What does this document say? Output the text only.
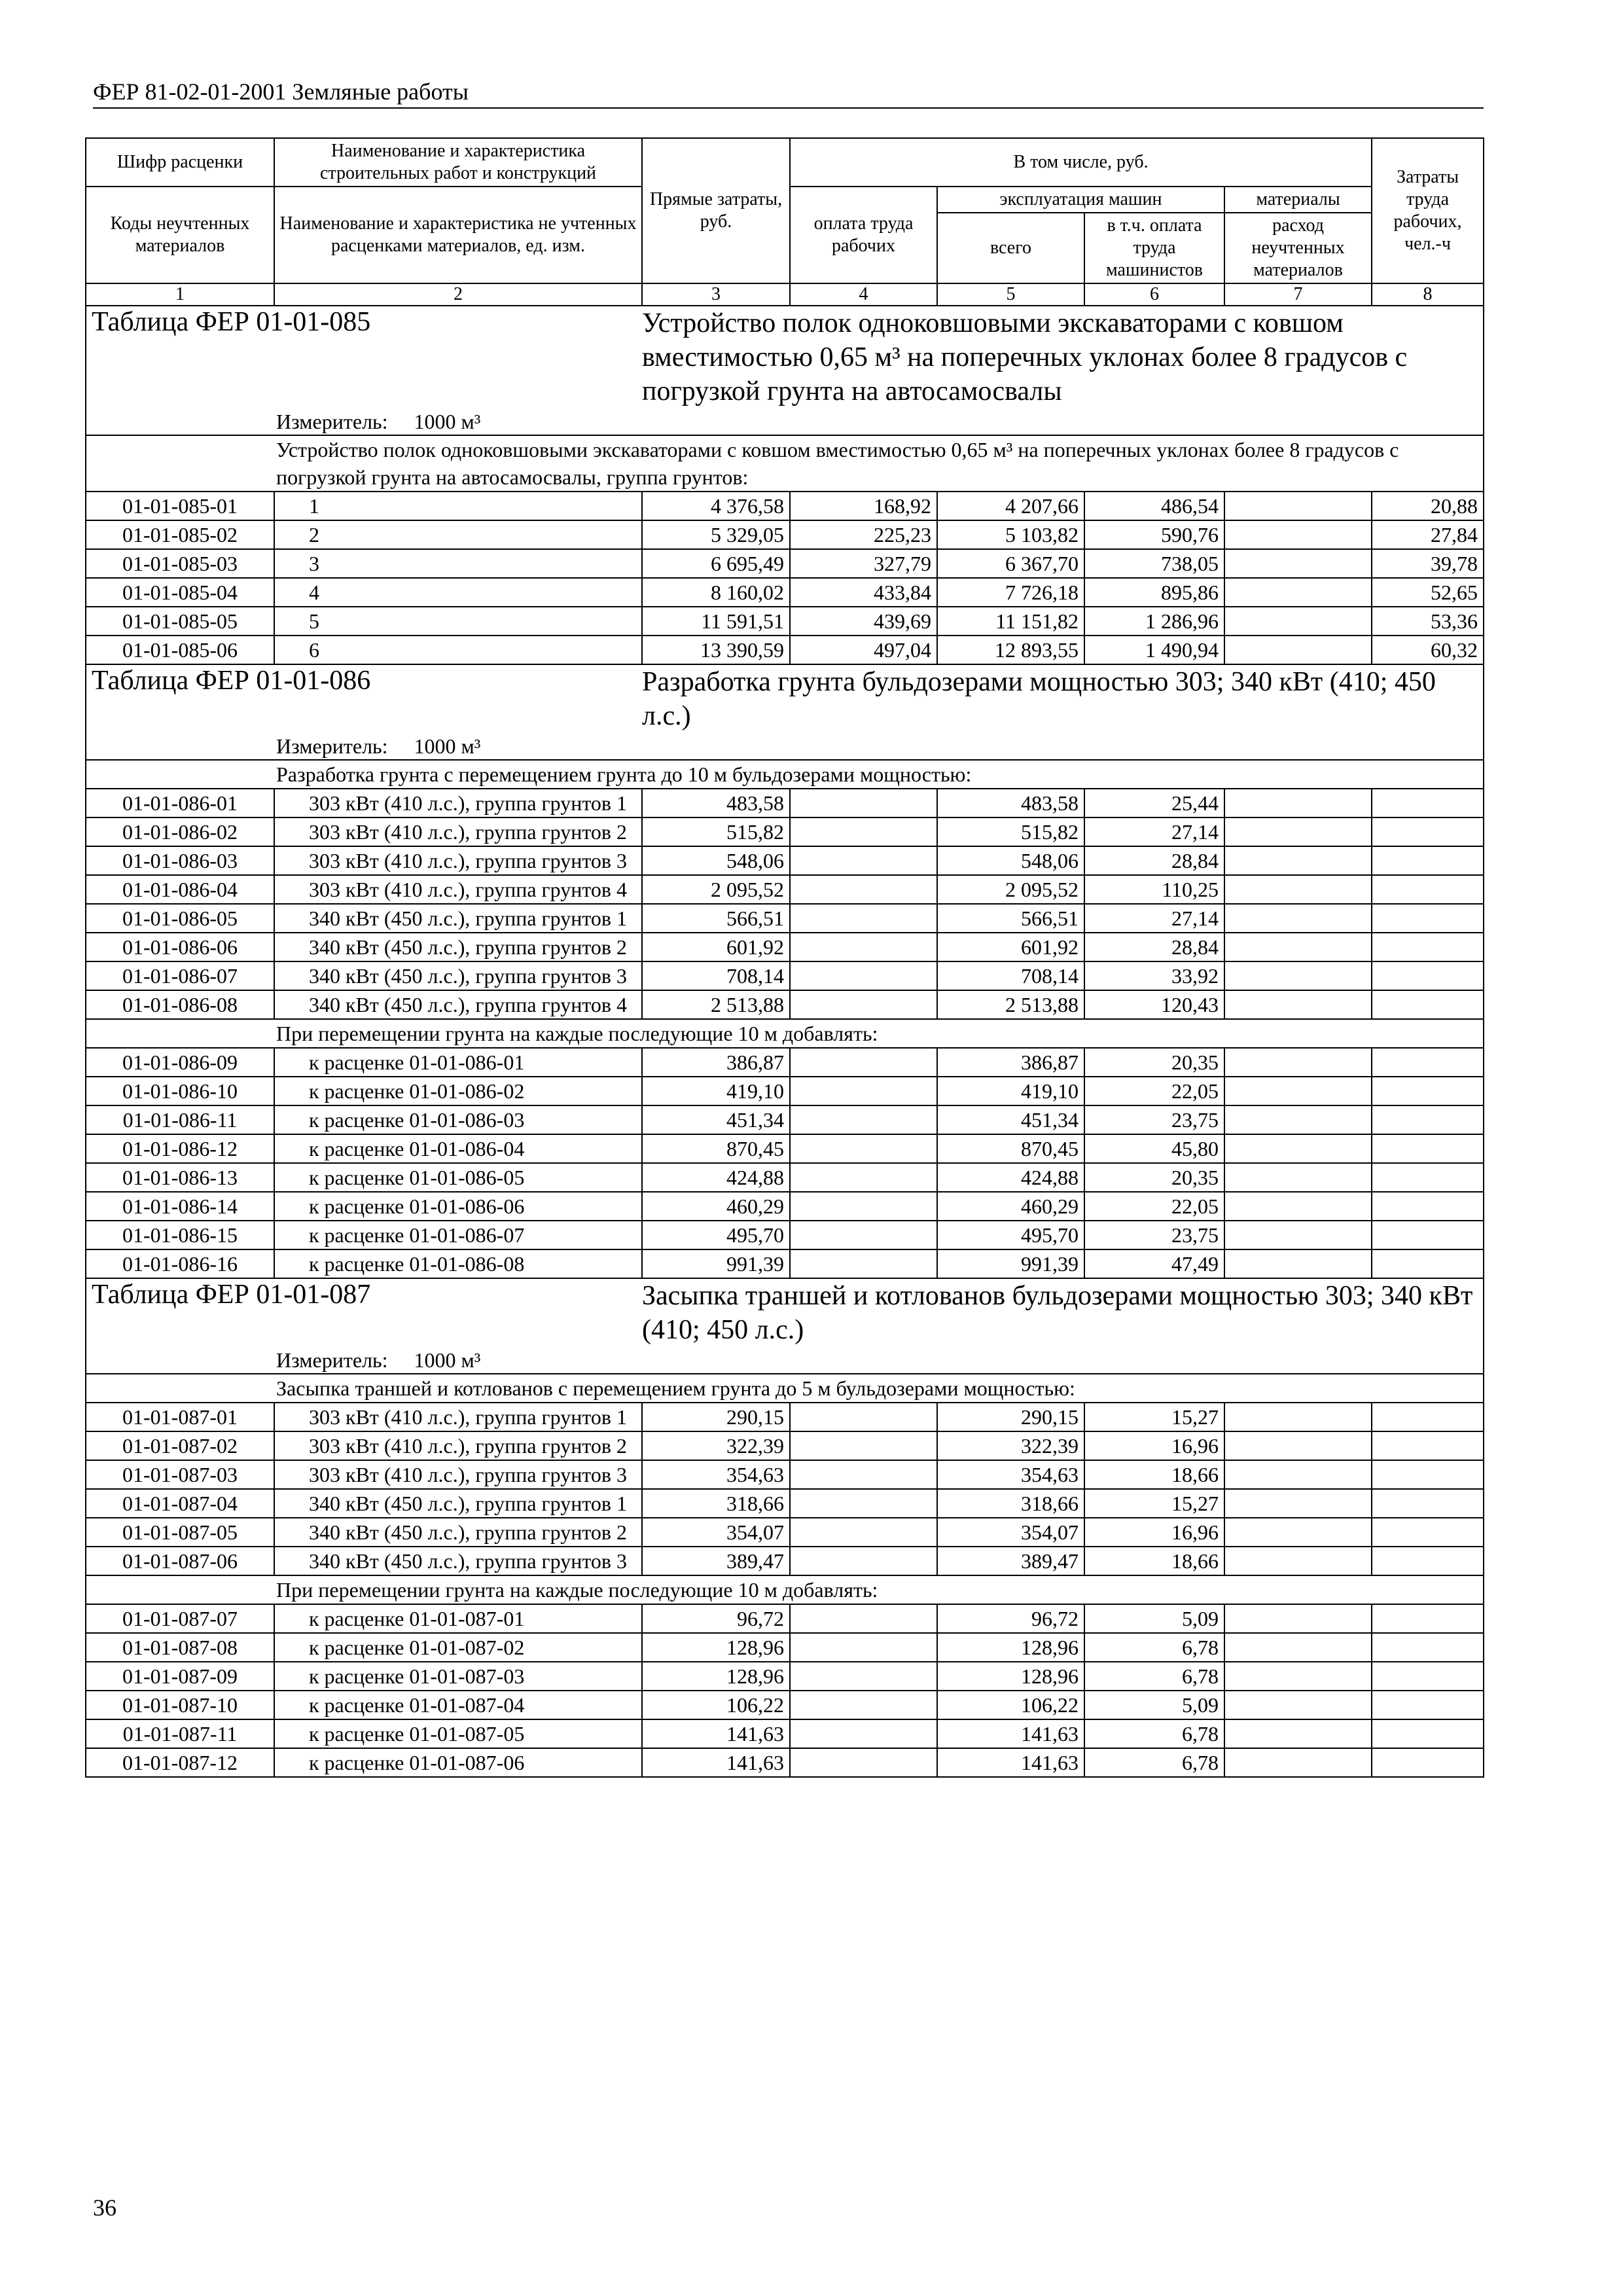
ФЕР 81-02-01-2001 Земляные работы
Шифр расценки	Наименование и характеристика строительных работ и конструкций	Прямые затраты, руб.	В том числе, руб.				Затраты труда рабочих, чел.-ч
Коды неучтенных материалов	Наименование и характеристика не учтенных расценками материалов, ед. изм.		оплата труда рабочих	эксплуатация машин		материалы	
				всего	в т.ч. оплата труда машинистов	расход неучтенных материалов	

1	2	3	4	5	6	7	8
Таблица ФЕР 01-01-085		Устройство полок одноковшовыми экскаваторами с ковшом вместимостью 0,65 м³ на поперечных уклонах более 8 градусов с погрузкой грунта на автосамосвалы					
Измеритель: 1000 м³							
Устройство полок одноковшовыми экскаваторами с ковшом вместимостью 0,65 м³ на поперечных уклонах более 8 градусов с погрузкой грунта на автосамосвалы, группа грунтов:							
01-01-085-01	1	4 376,58	168,92	4 207,66	486,54		20,88
01-01-085-02	2	5 329,05	225,23	5 103,82	590,76		27,84
01-01-085-03	3	6 695,49	327,79	6 367,70	738,05		39,78
01-01-085-04	4	8 160,02	433,84	7 726,18	895,86		52,65
01-01-085-05	5	11 591,51	439,69	11 151,82	1 286,96		53,36
01-01-085-06	6	13 390,59	497,04	12 893,55	1 490,94		60,32
Таблица ФЕР 01-01-086		Разработка грунта бульдозерами мощностью 303; 340 кВт (410; 450 л.с.)					
Измеритель: 1000 м³							
Разработка грунта с перемещением грунта до 10 м бульдозерами мощностью:							
01-01-086-01	303 кВт (410 л.с.), группа грунтов 1	483,58		483,58	25,44		
01-01-086-02	303 кВт (410 л.с.), группа грунтов 2	515,82		515,82	27,14		
01-01-086-03	303 кВт (410 л.с.), группа грунтов 3	548,06		548,06	28,84		
01-01-086-04	303 кВт (410 л.с.), группа грунтов 4	2 095,52		2 095,52	110,25		
01-01-086-05	340 кВт (450 л.с.), группа грунтов 1	566,51		566,51	27,14		
01-01-086-06	340 кВт (450 л.с.), группа грунтов 2	601,92		601,92	28,84		
01-01-086-07	340 кВт (450 л.с.), группа грунтов 3	708,14		708,14	33,92		
01-01-086-08	340 кВт (450 л.с.), группа грунтов 4	2 513,88		2 513,88	120,43		
При перемещении грунта на каждые последующие 10 м добавлять:							
01-01-086-09	к расценке 01-01-086-01	386,87		386,87	20,35		
01-01-086-10	к расценке 01-01-086-02	419,10		419,10	22,05		
01-01-086-11	к расценке 01-01-086-03	451,34		451,34	23,75		
01-01-086-12	к расценке 01-01-086-04	870,45		870,45	45,80		
01-01-086-13	к расценке 01-01-086-05	424,88		424,88	20,35		
01-01-086-14	к расценке 01-01-086-06	460,29		460,29	22,05		
01-01-086-15	к расценке 01-01-086-07	495,70		495,70	23,75		
01-01-086-16	к расценке 01-01-086-08	991,39		991,39	47,49		
Таблица ФЕР 01-01-087		Засыпка траншей и котлованов бульдозерами мощностью 303; 340 кВт (410; 450 л.с.)					
Измеритель: 1000 м³							
Засыпка траншей и котлованов с перемещением грунта до 5 м бульдозерами мощностью:							
01-01-087-01	303 кВт (410 л.с.), группа грунтов 1	290,15		290,15	15,27		
01-01-087-02	303 кВт (410 л.с.), группа грунтов 2	322,39		322,39	16,96		
01-01-087-03	303 кВт (410 л.с.), группа грунтов 3	354,63		354,63	18,66		
01-01-087-04	340 кВт (450 л.с.), группа грунтов 1	318,66		318,66	15,27		
01-01-087-05	340 кВт (450 л.с.), группа грунтов 2	354,07		354,07	16,96		
01-01-087-06	340 кВт (450 л.с.), группа грунтов 3	389,47		389,47	18,66		
При перемещении грунта на каждые последующие 10 м добавлять:							
01-01-087-07	к расценке 01-01-087-01	96,72		96,72	5,09		
01-01-087-08	к расценке 01-01-087-02	128,96		128,96	6,78		
01-01-087-09	к расценке 01-01-087-03	128,96		128,96	6,78		
01-01-087-10	к расценке 01-01-087-04	106,22		106,22	5,09		
01-01-087-11	к расценке 01-01-087-05	141,63		141,63	6,78		
01-01-087-12	к расценке 01-01-087-06	141,63		141,63	6,78		
36
